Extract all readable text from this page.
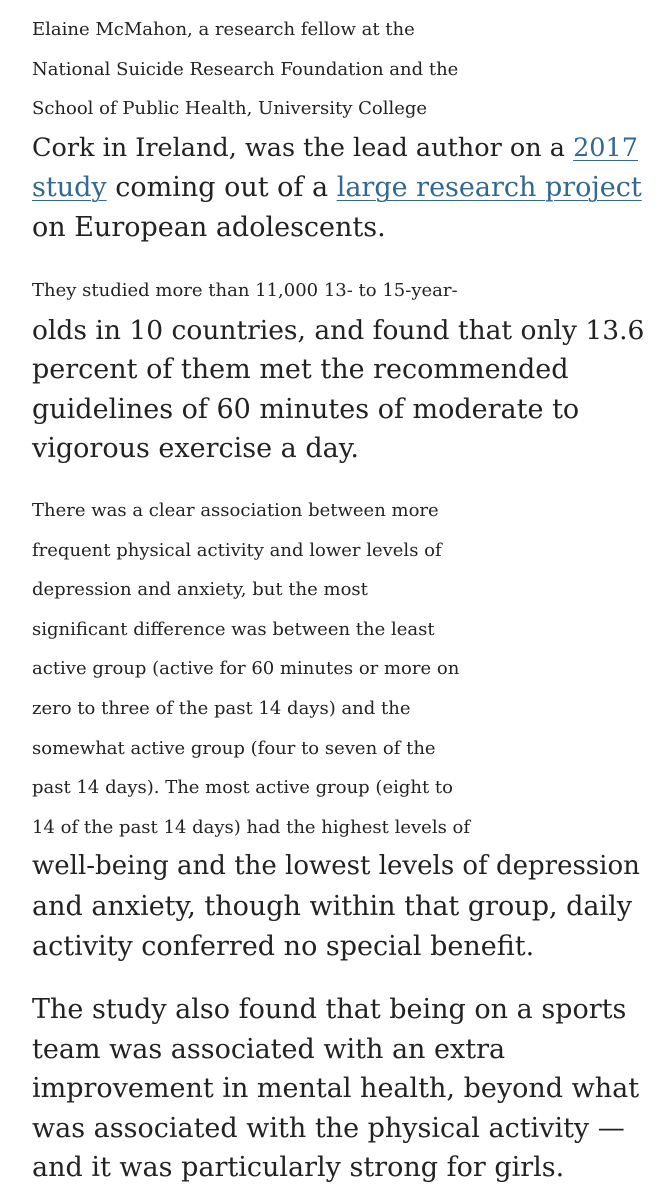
Elaine McMahon, a research fellow at the
National Suicide Research Foundation and the
School of Public Health, University College
Cork in Ireland, was the lead author on a 2017
study coming out of a large research project
on European adolescents.

They studied more than 11,000 13- to 15-year-
olds in 10 countries, and found that only 13.6
percent of them met the recommended
guidelines of 60 minutes of moderate to
vigorous exercise a day.

There was a clear association between more
frequent physical activity and lower levels of
depression and anxiety, but the most
significant difference was between the least
active group (active for 60 minutes or more on
zero to three of the past 14 days) and the
somewhat active group (four to seven of the
past 14 days). The most active group (eight to
14 of the past 14 days) had the highest levels of
well-being and the lowest levels of depression
and anxiety, though within that group, daily
activity conferred no special benefit.

The study also found that being on a sports
team was associated with an extra
improvement in mental health, beyond what
was associated with the physical activity —
and it was particularly strong for girls.
